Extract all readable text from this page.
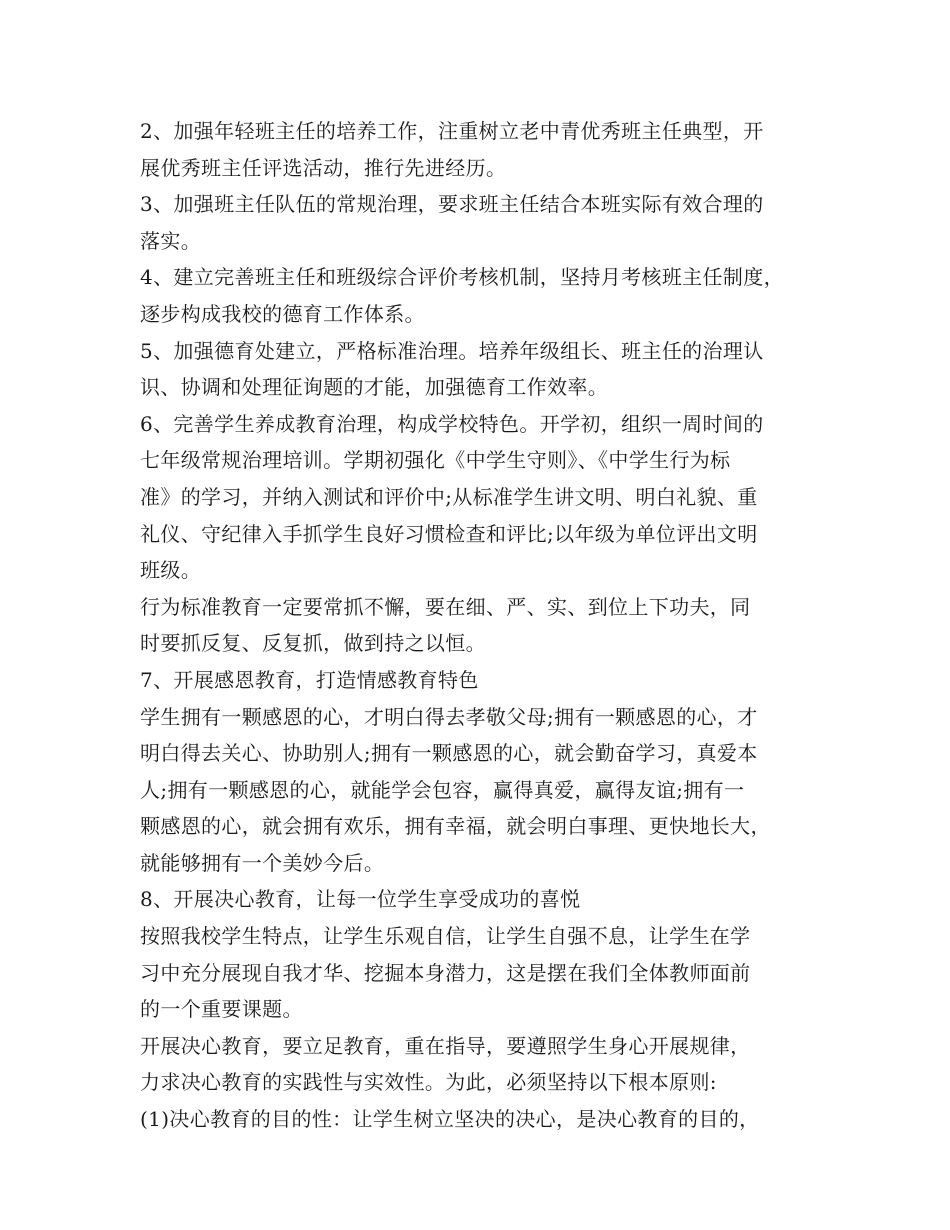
2、加强年轻班主任的培养工作，注重树立老中青优秀班主任典型，开
展优秀班主任评选活动，推行先进经历。
3、加强班主任队伍的常规治理，要求班主任结合本班实际有效合理的
落实。
4、建立完善班主任和班级综合评价考核机制，坚持月考核班主任制度，
逐步构成我校的德育工作体系。
5、加强德育处建立，严格标准治理。培养年级组长、班主任的治理认
识、协调和处理征询题的才能，加强德育工作效率。
6、完善学生养成教育治理，构成学校特色。开学初，组织一周时间的
七年级常规治理培训。学期初强化《中学生守则》、《中学生行为标
准》的学习，并纳入测试和评价中;从标准学生讲文明、明白礼貌、重
礼仪、守纪律入手抓学生良好习惯检查和评比;以年级为单位评出文明
班级。
行为标准教育一定要常抓不懈，要在细、严、实、到位上下功夫，同
时要抓反复、反复抓，做到持之以恒。
7、开展感恩教育，打造情感教育特色
学生拥有一颗感恩的心，才明白得去孝敬父母;拥有一颗感恩的心，才
明白得去关心、协助别人;拥有一颗感恩的心，就会勤奋学习，真爱本
人;拥有一颗感恩的心，就能学会包容，赢得真爱，赢得友谊;拥有一
颗感恩的心，就会拥有欢乐，拥有幸福，就会明白事理、更快地长大，
就能够拥有一个美妙今后。
8、开展决心教育，让每一位学生享受成功的喜悦
按照我校学生特点，让学生乐观自信，让学生自强不息，让学生在学
习中充分展现自我才华、挖掘本身潜力，这是摆在我们全体教师面前
的一个重要课题。
开展决心教育，要立足教育，重在指导，要遵照学生身心开展规律，
力求决心教育的实践性与实效性。为此，必须坚持以下根本原则:
(1)决心教育的目的性：让学生树立坚决的决心，是决心教育的目的，
